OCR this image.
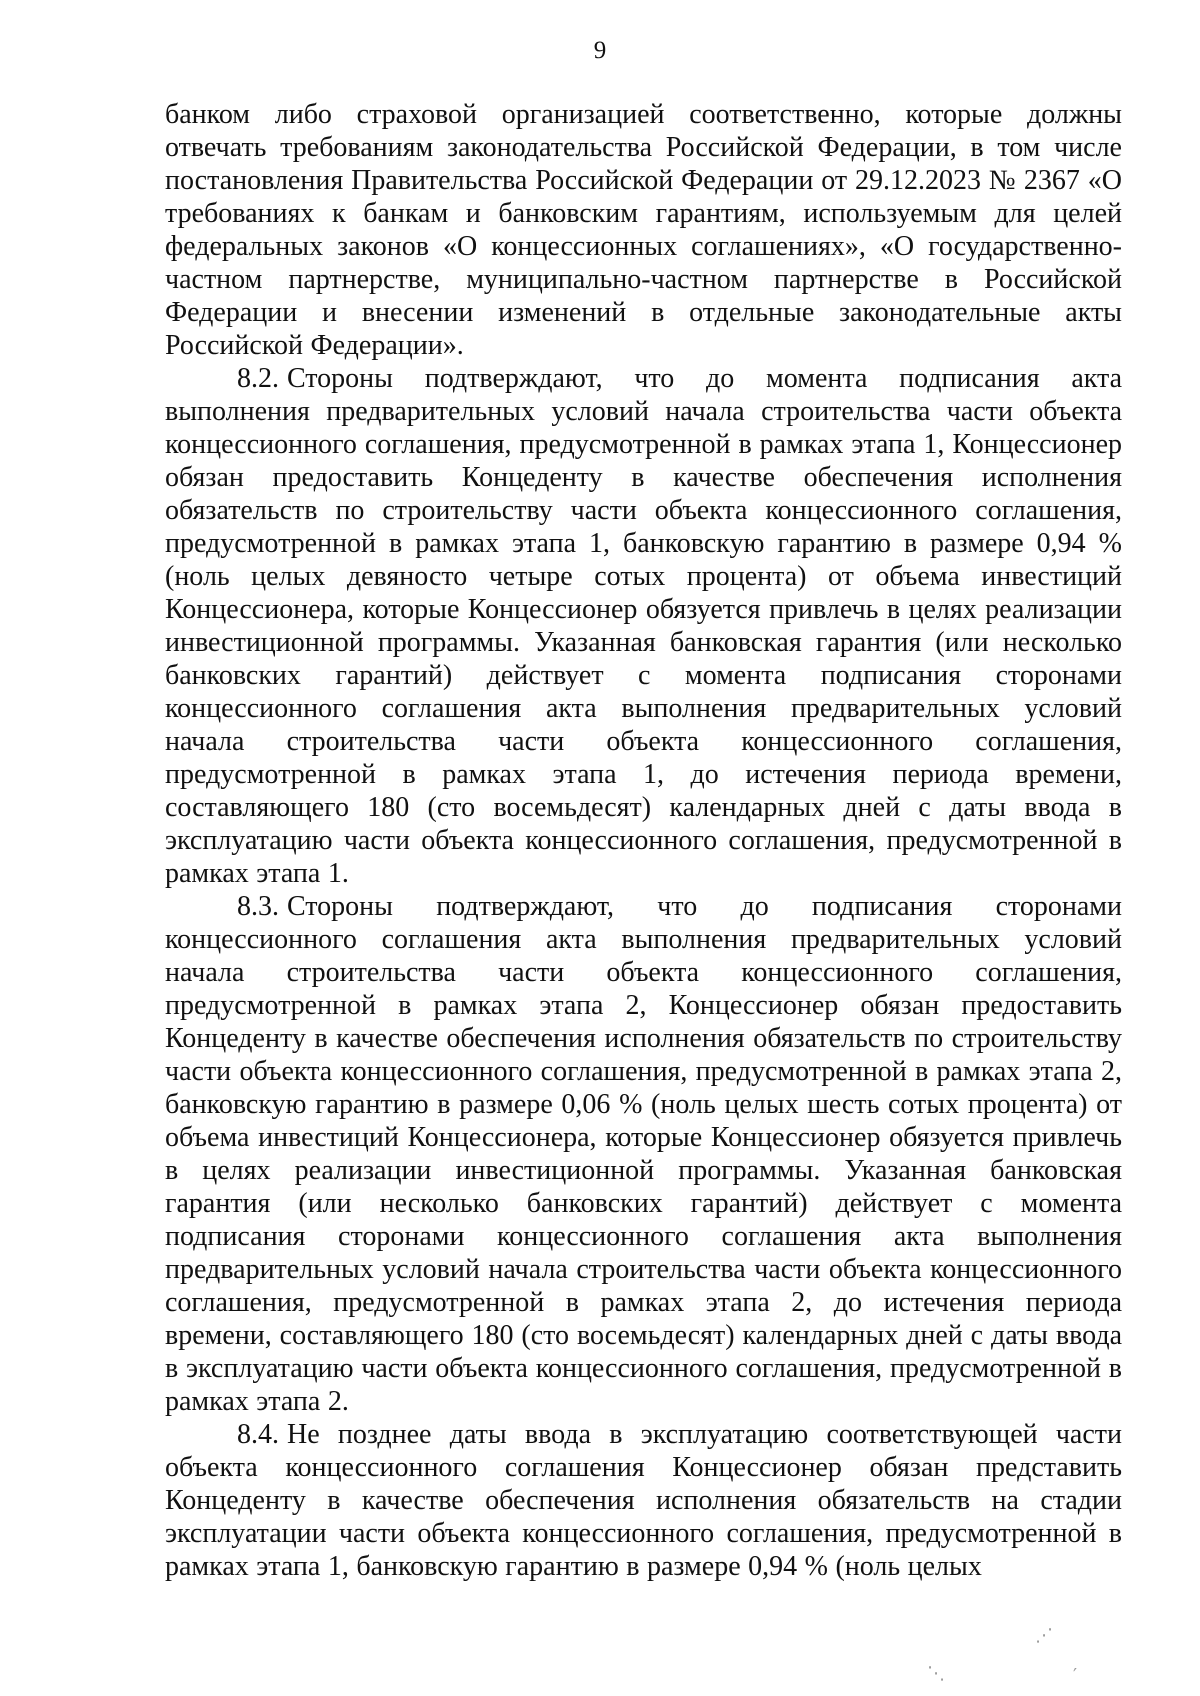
9

банком либо страховой организацией соответственно, которые должны отвечать требованиям законодательства Российской Федерации, в том числе постановления Правительства Российской Федерации от 29.12.2023 № 2367 «О требованиях к банкам и банковским гарантиям, используемым для целей федеральных законов «О концессионных соглашениях», «О государственно-частном партнерстве, муниципально-частном партнерстве в Российской Федерации и внесении изменений в отдельные законодательные акты Российской Федерации».

8.2. Стороны подтверждают, что до момента подписания акта выполнения предварительных условий начала строительства части объекта концессионного соглашения, предусмотренной в рамках этапа 1, Концессионер обязан предоставить Концеденту в качестве обеспечения исполнения обязательств по строительству части объекта концессионного соглашения, предусмотренной в рамках этапа 1, банковскую гарантию в размере 0,94 % (ноль целых девяносто четыре сотых процента) от объема инвестиций Концессионера, которые Концессионер обязуется привлечь в целях реализации инвестиционной программы. Указанная банковская гарантия (или несколько банковских гарантий) действует с момента подписания сторонами концессионного соглашения акта выполнения предварительных условий начала строительства части объекта концессионного соглашения, предусмотренной в рамках этапа 1, до истечения периода времени, составляющего 180 (сто восемьдесят) календарных дней с даты ввода в эксплуатацию части объекта концессионного соглашения, предусмотренной в рамках этапа 1.

8.3. Стороны подтверждают, что до подписания сторонами концессионного соглашения акта выполнения предварительных условий начала строительства части объекта концессионного соглашения, предусмотренной в рамках этапа 2, Концессионер обязан предоставить Концеденту в качестве обеспечения исполнения обязательств по строительству части объекта концессионного соглашения, предусмотренной в рамках этапа 2, банковскую гарантию в размере 0,06 % (ноль целых шесть сотых процента) от объема инвестиций Концессионера, которые Концессионер обязуется привлечь в целях реализации инвестиционной программы. Указанная банковская гарантия (или несколько банковских гарантий) действует с момента подписания сторонами концессионного соглашения акта выполнения предварительных условий начала строительства части объекта концессионного соглашения, предусмотренной в рамках этапа 2, до истечения периода времени, составляющего 180 (сто восемьдесят) календарных дней с даты ввода в эксплуатацию части объекта концессионного соглашения, предусмотренной в рамках этапа 2.

8.4. Не позднее даты ввода в эксплуатацию соответствующей части объекта концессионного соглашения Концессионер обязан представить Концеденту в качестве обеспечения исполнения обязательств на стадии эксплуатации части объекта концессионного соглашения, предусмотренной в рамках этапа 1, банковскую гарантию в размере 0,94 % (ноль целых

⋰
⋱	′
